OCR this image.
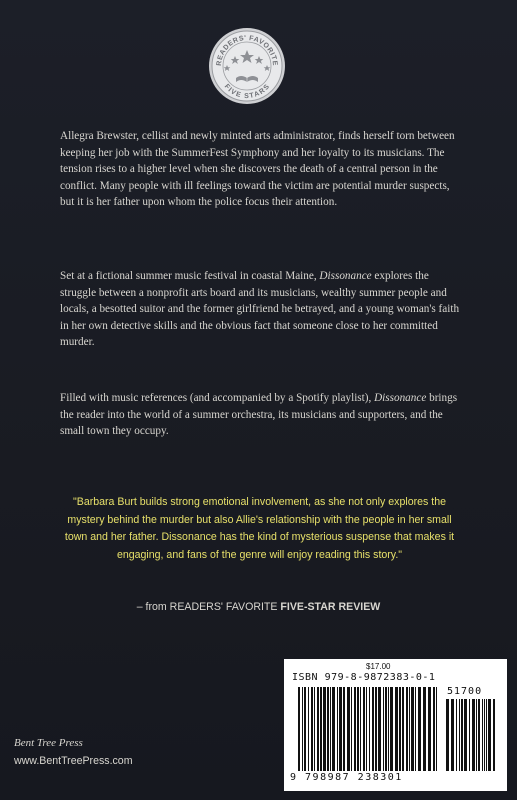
READERS' FAVORITE
FIVE STARS

Allegra Brewster, cellist and newly minted arts administrator, finds herself torn between keeping her job with the SummerFest Symphony and her loyalty to its musicians. The tension rises to a higher level when she discovers the death of a central person in the conflict. Many people with ill feelings toward the victim are potential murder suspects, but it is her father upon whom the police focus their attention.

Set at a fictional summer music festival in coastal Maine, Dissonance explores the struggle between a nonprofit arts board and its musicians, wealthy summer people and locals, a besotted suitor and the former girlfriend he betrayed, and a young woman's faith in her own detective skills and the obvious fact that someone close to her committed murder.

Filled with music references (and accompanied by a Spotify playlist), Dissonance brings the reader into the world of a summer orchestra, its musicians and supporters, and the small town they occupy.

"Barbara Burt builds strong emotional involvement, as she not only explores the mystery behind the murder but also Allie's relationship with the people in her small town and her father. Dissonance has the kind of mysterious suspense that makes it engaging, and fans of the genre will enjoy reading this story."

– from READERS' FAVORITE FIVE-STAR REVIEW
Bent Tree Press
www.BentTreePress.com
$17.00
ISBN 979-8-9872383-0-1
51700
9 798987 238301
